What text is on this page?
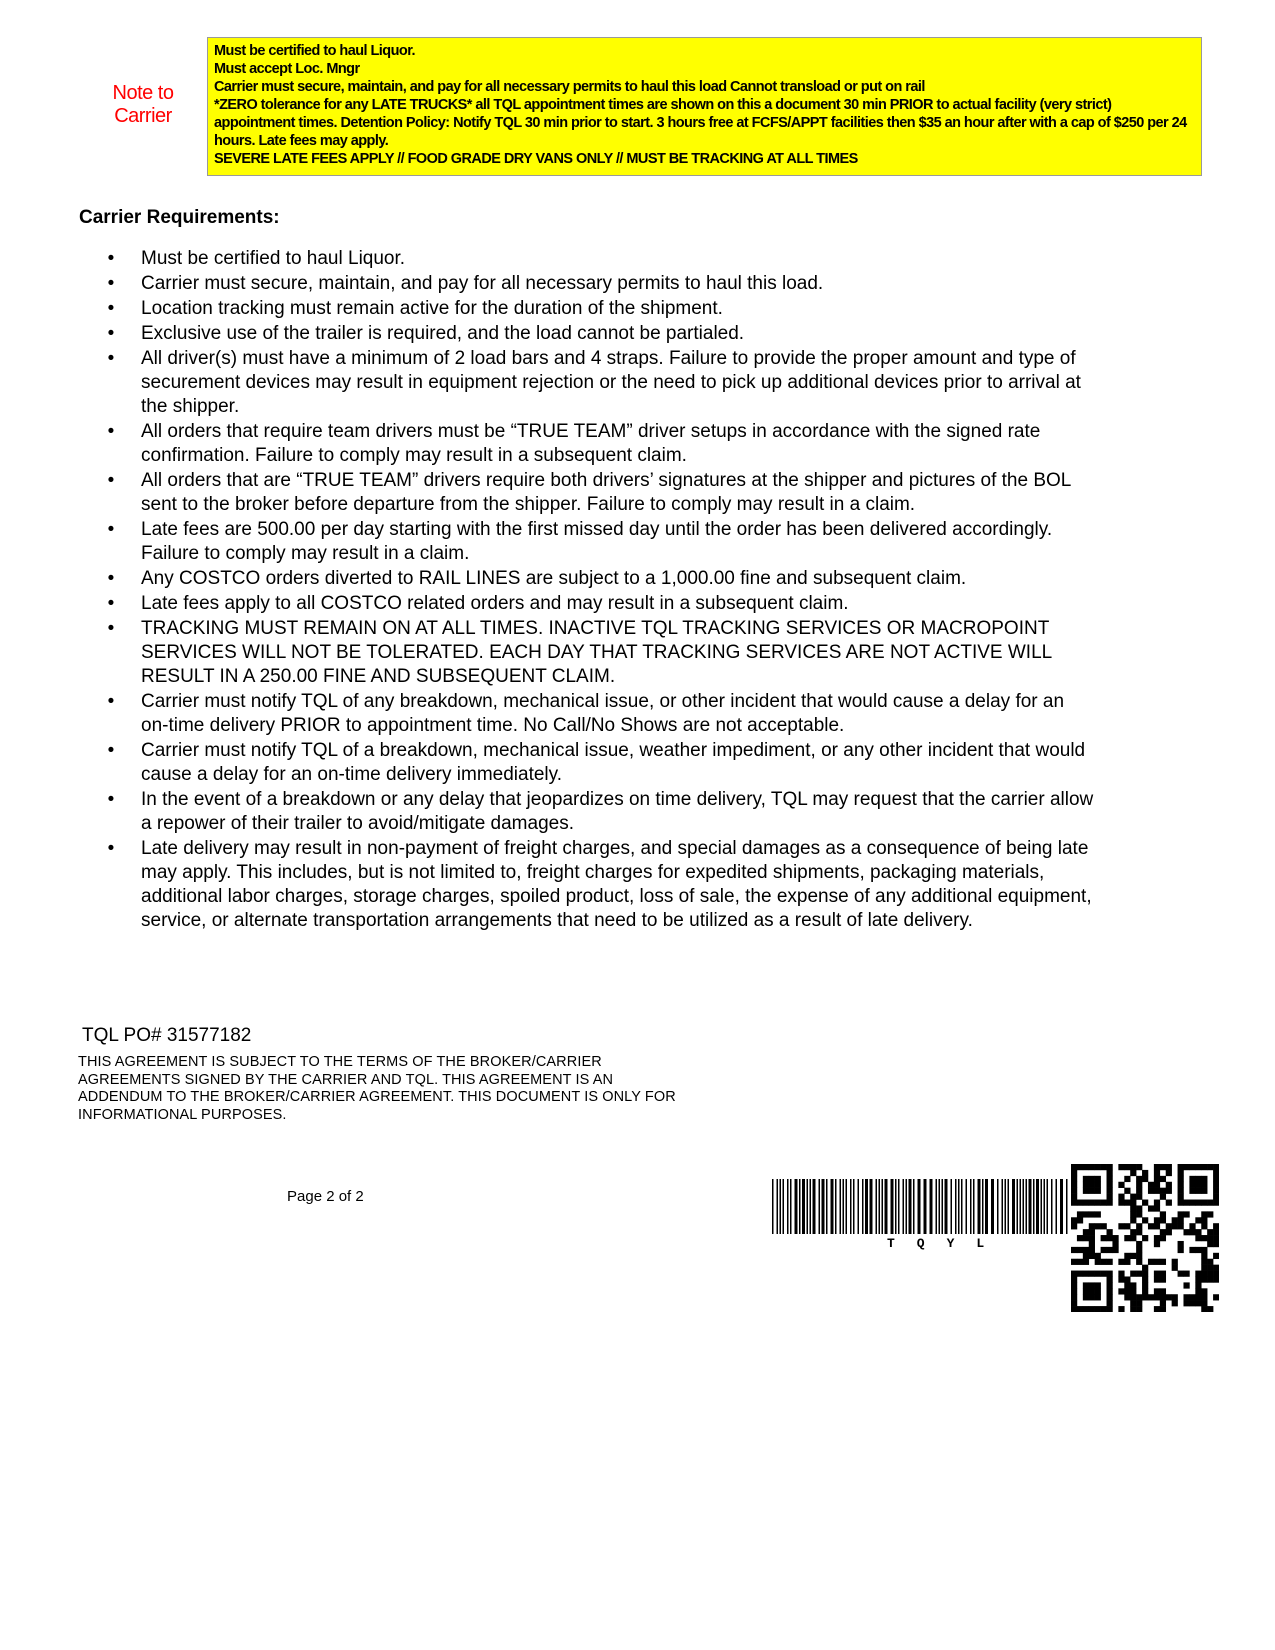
Note to
Carrier
Must be certified to haul Liquor.
Must accept Loc. Mngr
Carrier must secure, maintain, and pay for all necessary permits to haul this load Cannot transload or put on rail
*ZERO tolerance for any LATE TRUCKS* all TQL appointment times are shown on this a document 30 min PRIOR to actual facility (very strict) appointment times. Detention Policy: Notify TQL 30 min prior to start. 3 hours free at FCFS/APPT facilities then $35 an hour after with a cap of $250 per 24 hours. Late fees may apply.
SEVERE LATE FEES APPLY // FOOD GRADE DRY VANS ONLY // MUST BE TRACKING AT ALL TIMES
Carrier Requirements:
• Must be certified to haul Liquor.
• Carrier must secure, maintain, and pay for all necessary permits to haul this load.
• Location tracking must remain active for the duration of the shipment.
• Exclusive use of the trailer is required, and the load cannot be partialed.
• All driver(s) must have a minimum of 2 load bars and 4 straps. Failure to provide the proper amount and type of securement devices may result in equipment rejection or the need to pick up additional devices prior to arrival at the shipper.
• All orders that require team drivers must be “TRUE TEAM” driver setups in accordance with the signed rate confirmation. Failure to comply may result in a subsequent claim.
• All orders that are “TRUE TEAM” drivers require both drivers’ signatures at the shipper and pictures of the BOL sent to the broker before departure from the shipper. Failure to comply may result in a claim.
• Late fees are 500.00 per day starting with the first missed day until the order has been delivered accordingly. Failure to comply may result in a claim.
• Any COSTCO orders diverted to RAIL LINES are subject to a 1,000.00 fine and subsequent claim.
• Late fees apply to all COSTCO related orders and may result in a subsequent claim.
• TRACKING MUST REMAIN ON AT ALL TIMES. INACTIVE TQL TRACKING SERVICES OR MACROPOINT SERVICES WILL NOT BE TOLERATED. EACH DAY THAT TRACKING SERVICES ARE NOT ACTIVE WILL RESULT IN A 250.00 FINE AND SUBSEQUENT CLAIM.
• Carrier must notify TQL of any breakdown, mechanical issue, or other incident that would cause a delay for an on-time delivery PRIOR to appointment time. No Call/No Shows are not acceptable.
• Carrier must notify TQL of a breakdown, mechanical issue, weather impediment, or any other incident that would cause a delay for an on-time delivery immediately.
• In the event of a breakdown or any delay that jeopardizes on time delivery, TQL may request that the carrier allow a repower of their trailer to avoid/mitigate damages.
• Late delivery may result in non-payment of freight charges, and special damages as a consequence of being late may apply. This includes, but is not limited to, freight charges for expedited shipments, packaging materials, additional labor charges, storage charges, spoiled product, loss of sale, the expense of any additional equipment, service, or alternate transportation arrangements that need to be utilized as a result of late delivery.
TQL PO# 31577182
THIS AGREEMENT IS SUBJECT TO THE TERMS OF THE BROKER/CARRIER
AGREEMENTS SIGNED BY THE CARRIER AND TQL. THIS AGREEMENT IS AN
ADDENDUM TO THE BROKER/CARRIER AGREEMENT. THIS DOCUMENT IS ONLY FOR
INFORMATIONAL PURPOSES.
Page 2 of 2
TQYL
